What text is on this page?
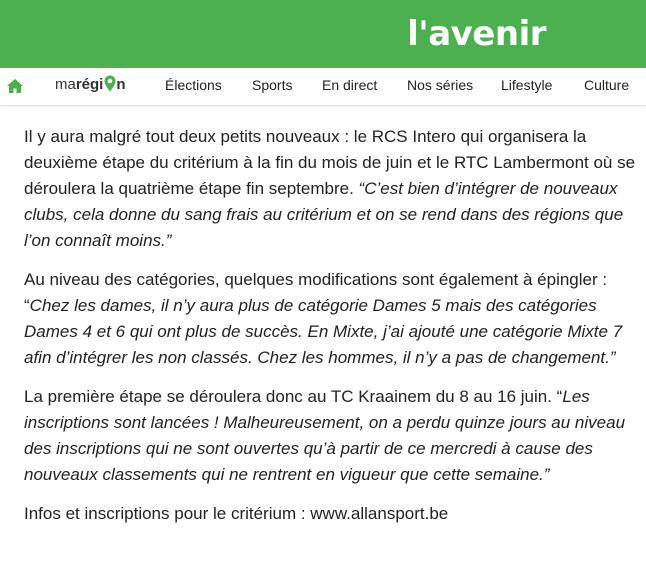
l'avenir
marégi n	Élections Sports En direct Nos séries Lifestyle Culture

Il y aura malgré tout deux petits nouveaux : le RCS Intero qui organisera la deuxième étape du critérium à la fin du mois de juin et le RTC Lambermont où se déroulera la quatrième étape fin septembre. “C’est bien d’intégrer de nouveaux clubs, cela donne du sang frais au critérium et on se rend dans des régions que l’on connaît moins.”

Au niveau des catégories, quelques modifications sont également à épingler : “Chez les dames, il n’y aura plus de catégorie Dames 5 mais des catégories Dames 4 et 6 qui ont plus de succès. En Mixte, j’ai ajouté une catégorie Mixte 7 afin d’intégrer les non classés. Chez les hommes, il n’y a pas de changement.”

La première étape se déroulera donc au TC Kraainem du 8 au 16 juin. “Les inscriptions sont lancées ! Malheureusement, on a perdu quinze jours au niveau des inscriptions qui ne sont ouvertes qu’à partir de ce mercredi à cause des nouveaux classements qui ne rentrent en vigueur que cette semaine.”

Infos et inscriptions pour le critérium : www.allansport.be
